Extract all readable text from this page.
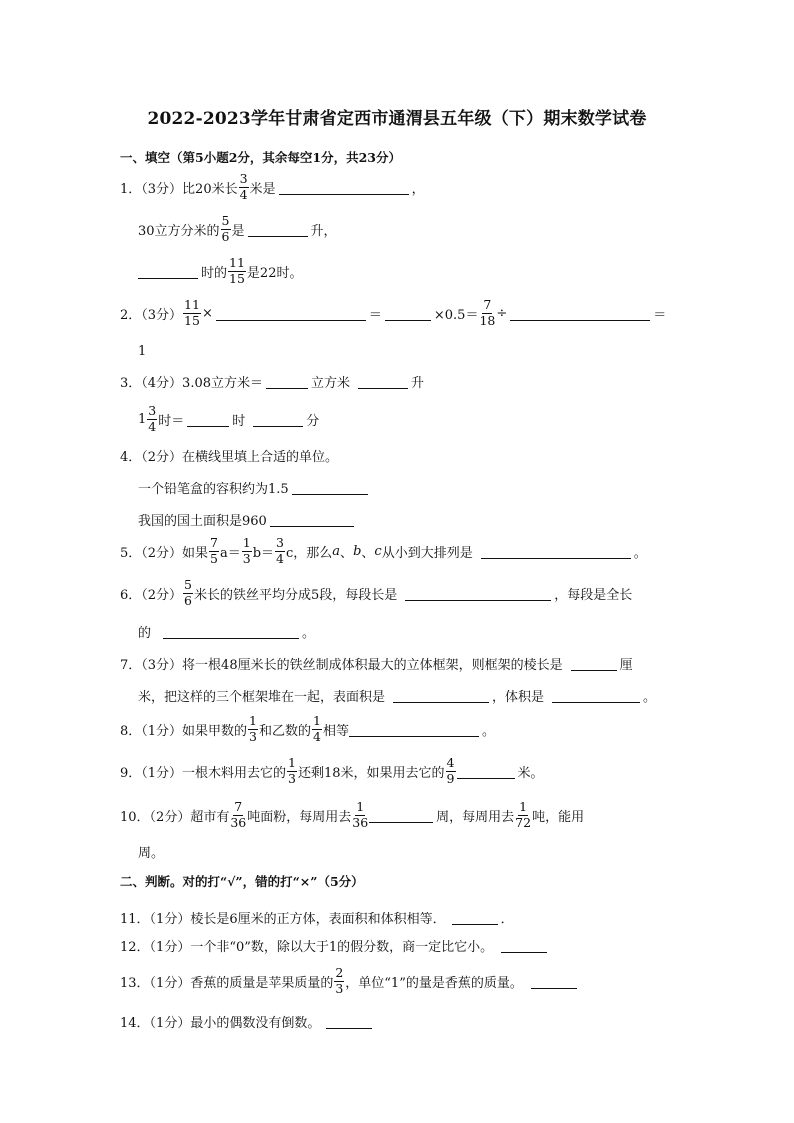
2022-2023学年甘肃省定西市通渭县五年级（下）期末数学试卷
一、填空（第5小题2分，其余每空1分，共23分）
1．（3分）比20米长 $\frac{3}{4}$ 米是	，
30立方分米的 $\frac{5}{6}$ 是	升，
时的 $\frac{11}{15}$ 是22时。
2．（3分） $\frac{11}{15}$ ×	＝	$\times 0.5= \frac{7}{18}$ ÷	＝
1
3．（4分）3.08立方米＝	立方米	升
$1 \frac{3}{4}$ 时＝	时	分
4．（2分）在横线里填上合适的单位。
一个铅笔盒的容积约为1.5
我国的国土面积是960
5．（2分）如果 $\frac{7}{5} a= \frac{1}{3} b= \frac{3}{4}$ c，那么 a 、 b 、 c 从小到大排列是	。
6．（2分） $\frac{5}{6}$ 米长的铁丝平均分成5段，每段长是	，每段是全长
的	。
7．（3分）将一根48厘米长的铁丝制成体积最大的立体框架，则框架的棱长是	厘
米，把这样的三个框架堆在一起，表面积是	，体积是	。
8．（1分）如果甲数的 $\frac{1}{3}$ 和乙数的 $\frac{1}{4}$ 相等	。
9．（1分）一根木料用去它的 $\frac{1}{3}$ 还剩18米，如果用去它的 $\frac{4}{9}$	米。
10．（2分）超市有 $\frac{7}{36}$ 吨面粉，每周用去 $\frac{1}{36}$	周，每周用去 $\frac{1}{72}$ 吨，能用
周。
二、判断。对的打“√”，错的打“×”（5分）
11．（1分）棱长是6厘米的正方体，表面积和体积相等．	．
12．（1分）一个非“0”数，除以大于1的假分数，商一定比它小。
13．（1分）香蕉的质量是苹果质量的 $\frac{2}{3}$ ，单位“1”的量是香蕉的质量。
14．（1分）最小的偶数没有倒数。
